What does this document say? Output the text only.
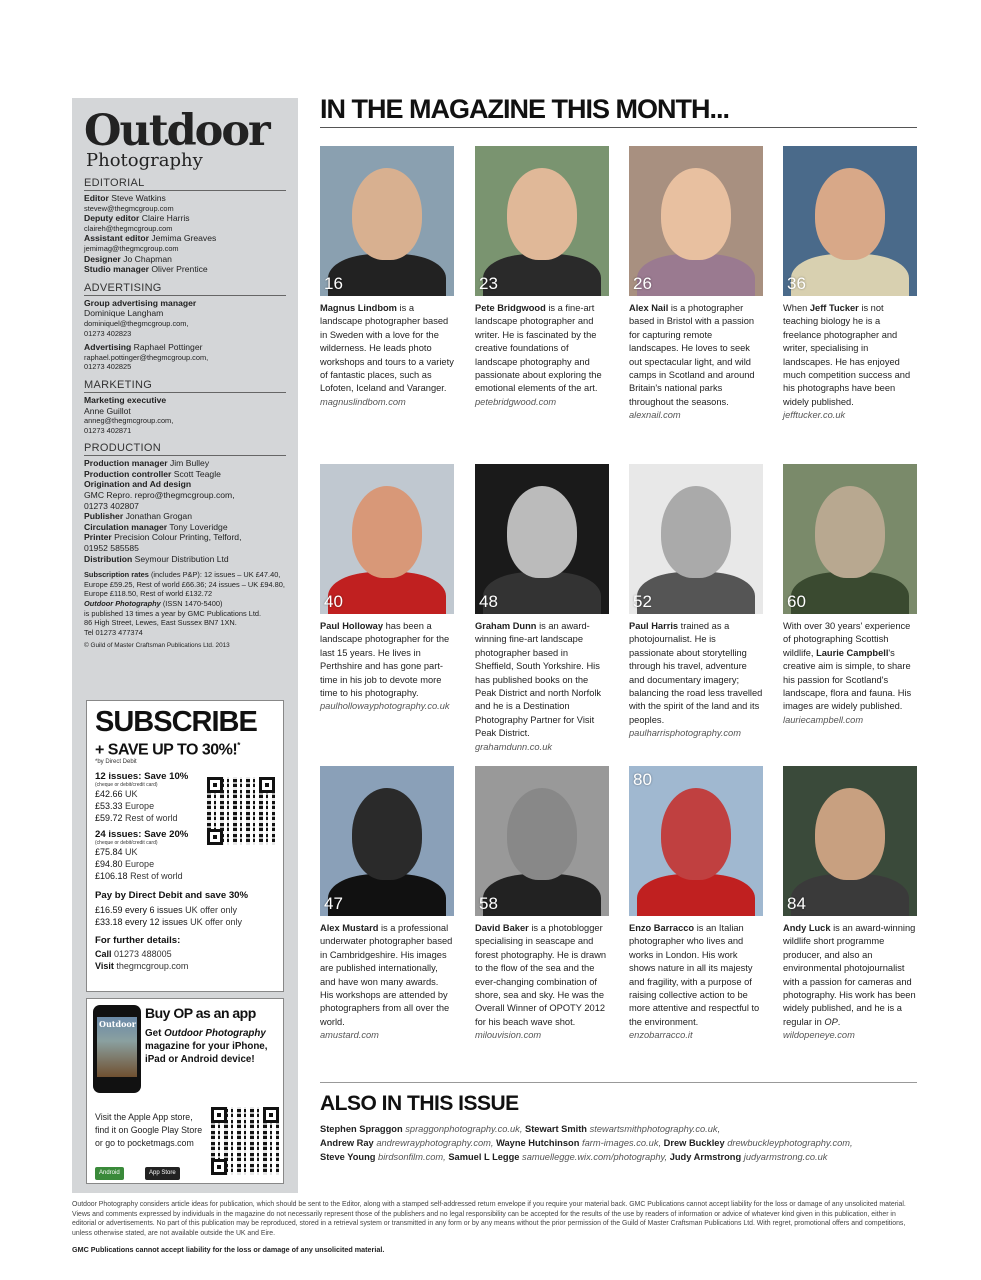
Outdoor
Photography
EDITORIAL
Editor Steve Watkins
stevew@thegmcgroup.com
Deputy editor Claire Harris
claireh@thegmcgroup.com
Assistant editor Jemima Greaves
jemimag@thegmcgroup.com
Designer Jo Chapman
Studio manager Oliver Prentice
ADVERTISING
Group advertising manager
Dominique Langham
dominiquel@thegmcgroup.com,
01273 402823
Advertising Raphael Pottinger
raphael.pottinger@thegmcgroup.com,
01273 402825
MARKETING
Marketing executive
Anne Guillot
anneg@thegmcgroup.com,
01273 402871
PRODUCTION
Production manager Jim Bulley
Production controller Scott Teagle
Origination and Ad design
GMC Repro. repro@thegmcgroup.com,
01273 402807
Publisher Jonathan Grogan
Circulation manager Tony Loveridge
Printer Precision Colour Printing, Telford,
01952 585585
Distribution Seymour Distribution Ltd
Subscription rates (includes P&P): 12 issues – UK £47.40, Europe £59.25, Rest of world £66.36; 24 issues – UK £94.80, Europe £118.50, Rest of world £132.72
Outdoor Photography (ISSN 1470-5400)
is published 13 times a year by GMC Publications Ltd.
86 High Street, Lewes, East Sussex BN7 1XN.
Tel 01273 477374
© Guild of Master Craftsman Publications Ltd. 2013
SUBSCRIBE
+ SAVE UP TO 30%!*
*by Direct Debit
12 issues: Save 10%
(cheque or debit/credit card)
£42.66 UK
£53.33 Europe
£59.72 Rest of world
24 issues: Save 20%
(cheque or debit/credit card)
£75.84 UK
£94.80 Europe
£106.18 Rest of world
Pay by Direct Debit and save 30%
£16.59 every 6 issues UK offer only
£33.18 every 12 issues UK offer only
For further details:
Call 01273 488005
Visit thegmcgroup.com
Outdoor
Buy OP as an app
Get Outdoor Photography magazine for your iPhone, iPad or Android device!
Visit the Apple App store, find it on Google Play Store or go to pocketmags.com
Android	App Store
IN THE MAGAZINE THIS MONTH...
16
Magnus Lindbom is a landscape photographer based in Sweden with a love for the wilderness. He leads photo workshops and tours to a variety of fantastic places, such as Lofoten, Iceland and Varanger.
magnuslindbom.com
23
Pete Bridgwood is a fine-art landscape photographer and writer. He is fascinated by the creative foundations of landscape photography and passionate about exploring the emotional elements of the art.
petebridgwood.com
26
Alex Nail is a photographer based in Bristol with a passion for capturing remote landscapes. He loves to seek out spectacular light, and wild camps in Scotland and around Britain's national parks throughout the seasons.
alexnail.com
36
When Jeff Tucker is not teaching biology he is a freelance photographer and writer, specialising in landscapes. He has enjoyed much competition success and his photographs have been widely published.
jefftucker.co.uk
40
Paul Holloway has been a landscape photographer for the last 15 years. He lives in Perthshire and has gone part-time in his job to devote more time to his photography.
paulhollowayphotography.co.uk
48
Graham Dunn is an award-winning fine-art landscape photographer based in Sheffield, South Yorkshire. His has published books on the Peak District and north Norfolk and he is a Destination Photography Partner for Visit Peak District.
grahamdunn.co.uk
52
Paul Harris trained as a photojournalist. He is passionate about storytelling through his travel, adventure and documentary imagery; balancing the road less travelled with the spirit of the land and its peoples.
paulharrisphotography.com
60
With over 30 years' experience of photographing Scottish wildlife, Laurie Campbell's creative aim is simple, to share his passion for Scotland's landscape, flora and fauna. His images are widely published.
lauriecampbell.com
47
Alex Mustard is a professional underwater photographer based in Cambridgeshire. His images are published internationally, and have won many awards. His workshops are attended by photographers from all over the world.
amustard.com
58
David Baker is a photoblogger specialising in seascape and forest photography. He is drawn to the flow of the sea and the ever-changing combination of shore, sea and sky. He was the Overall Winner of OPOTY 2012 for his beach wave shot.
milouvision.com
80
Enzo Barracco is an Italian photographer who lives and works in London. His work shows nature in all its majesty and fragility, with a purpose of raising collective action to be more attentive and respectful to the environment.
enzobarracco.it
84
Andy Luck is an award-winning wildlife short programme producer, and also an environmental photojournalist with a passion for cameras and photography. His work has been widely published, and he is a regular in OP.
wildopeneye.com
ALSO IN THIS ISSUE
Stephen Spraggon spraggonphotography.co.uk, Stewart Smith stewartsmithphotography.co.uk,
Andrew Ray andrewrayphotography.com, Wayne Hutchinson farm-images.co.uk, Drew Buckley drewbuckleyphotography.com,
Steve Young birdsonfilm.com, Samuel L Legge samuellegge.wix.com/photography, Judy Armstrong judyarmstrong.co.uk
Outdoor Photography considers article ideas for publication, which should be sent to the Editor, along with a stamped self-addressed return envelope if you require your material back. GMC Publications cannot accept liability for the loss or damage of any unsolicited material. Views and comments expressed by individuals in the magazine do not necessarily represent those of the publishers and no legal responsibility can be accepted for the results of the use by readers of information or advice of whatever kind given in this publication, either in editorial or advertisements. No part of this publication may be reproduced, stored in a retrieval system or transmitted in any form or by any means without the prior permission of the Guild of Master Craftsman Publications Ltd. With regret, promotional offers and competitions, unless otherwise stated, are not available outside the UK and Eire.
GMC Publications cannot accept liability for the loss or damage of any unsolicited material.
